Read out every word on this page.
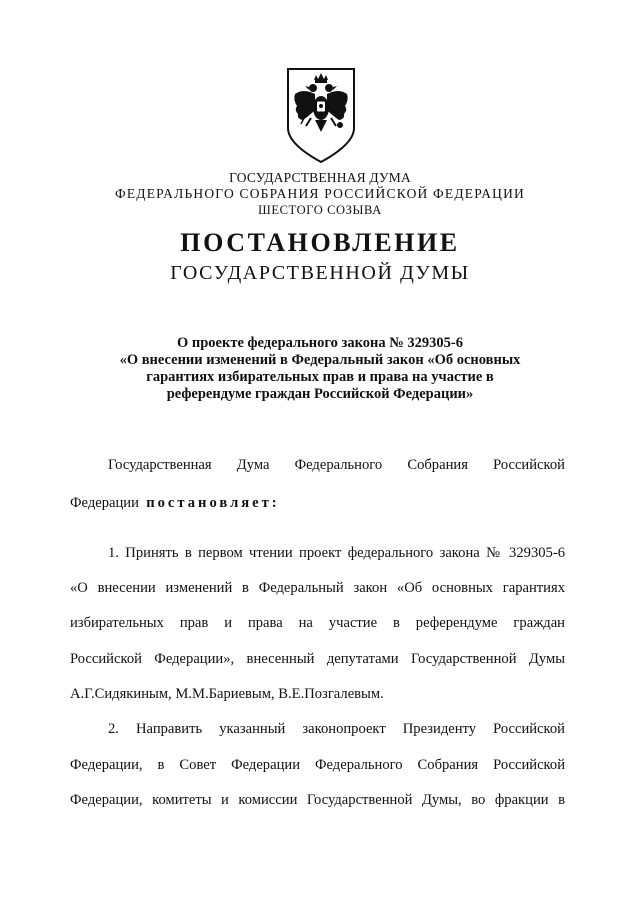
ГОСУДАРСТВЕННАЯ ДУМА
ФЕДЕРАЛЬНОГО СОБРАНИЯ РОССИЙСКОЙ ФЕДЕРАЦИИ
ШЕСТОГО СОЗЫВА
ПОСТАНОВЛЕНИЕ
ГОСУДАРСТВЕННОЙ ДУМЫ
О проекте федерального закона № 329305-6
«О внесении изменений в Федеральный закон «Об основных
гарантиях избирательных прав и права на участие в
референдуме граждан Российской Федерации»
Государственная Дума Федерального Собрания Российской
Федерации постановляет:
1. Принять в первом чтении проект федерального закона № 329305-6
«О внесении изменений в Федеральный закон «Об основных гарантиях
избирательных прав и права на участие в референдуме граждан
Российской Федерации», внесенный депутатами Государственной Думы
А.Г.Сидякиным, М.М.Бариевым, В.Е.Позгалевым.
2. Направить указанный законопроект Президенту Российской
Федерации, в Совет Федерации Федерального Собрания Российской
Федерации, комитеты и комиссии Государственной Думы, во фракции в
